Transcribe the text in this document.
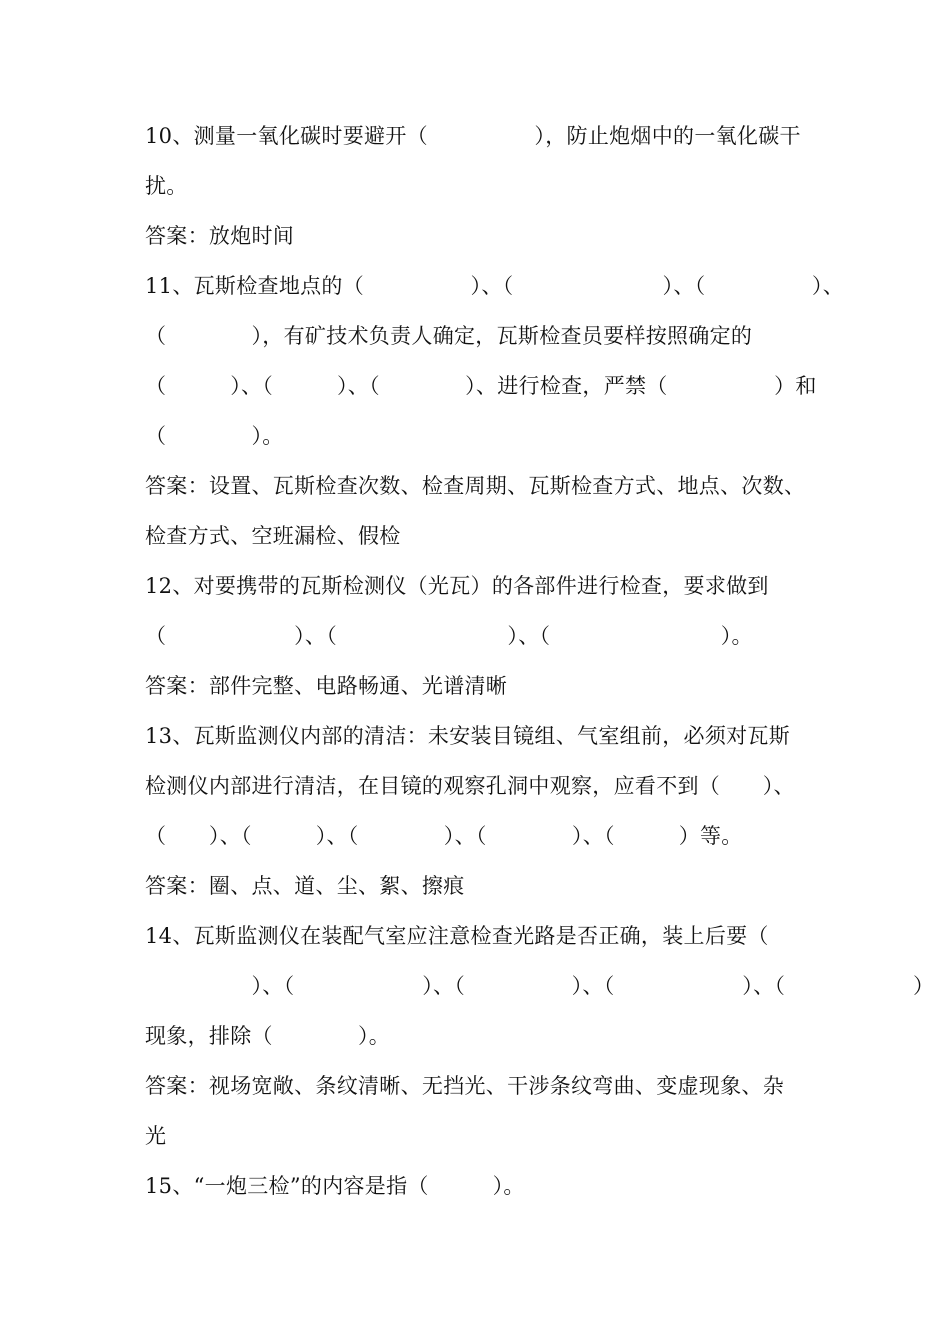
10、测量一氧化碳时要避开（　　　　　），防止炮烟中的一氧化碳干
扰。
答案：放炮时间
11、瓦斯检查地点的（　　　　　）、（　　　　　　　）、（　　　　　）、
（　　　　），有矿技术负责人确定，瓦斯检查员要样按照确定的
（　　　）、（　　　）、（　　　　）、进行检查，严禁（　　　　　）和
（　　　　）。
答案：设置、瓦斯检查次数、检查周期、瓦斯检查方式、地点、次数、
检查方式、空班漏检、假检
12、对要携带的瓦斯检测仪（光瓦）的各部件进行检查，要求做到
（　　　　　　）、（　　　　　　　　）、（　　　　　　　　）。
答案：部件完整、电路畅通、光谱清晰
13、瓦斯监测仪内部的清洁：未安装目镜组、气室组前，必须对瓦斯
检测仪内部进行清洁，在目镜的观察孔洞中观察，应看不到（　　）、
（　　）、（　　　）、（　　　　）、（　　　　）、（　　　）等。
答案：圈、点、道、尘、絮、擦痕
14、瓦斯监测仪在装配气室应注意检查光路是否正确，装上后要（
　　　　　）、（　　　　　　）、（　　　　　）、（　　　　　　）、（　　　　　　）
现象，排除（　　　　）。
答案：视场宽敞、条纹清晰、无挡光、干涉条纹弯曲、变虚现象、杂
光
15、“一炮三检”的内容是指（　　　）。
